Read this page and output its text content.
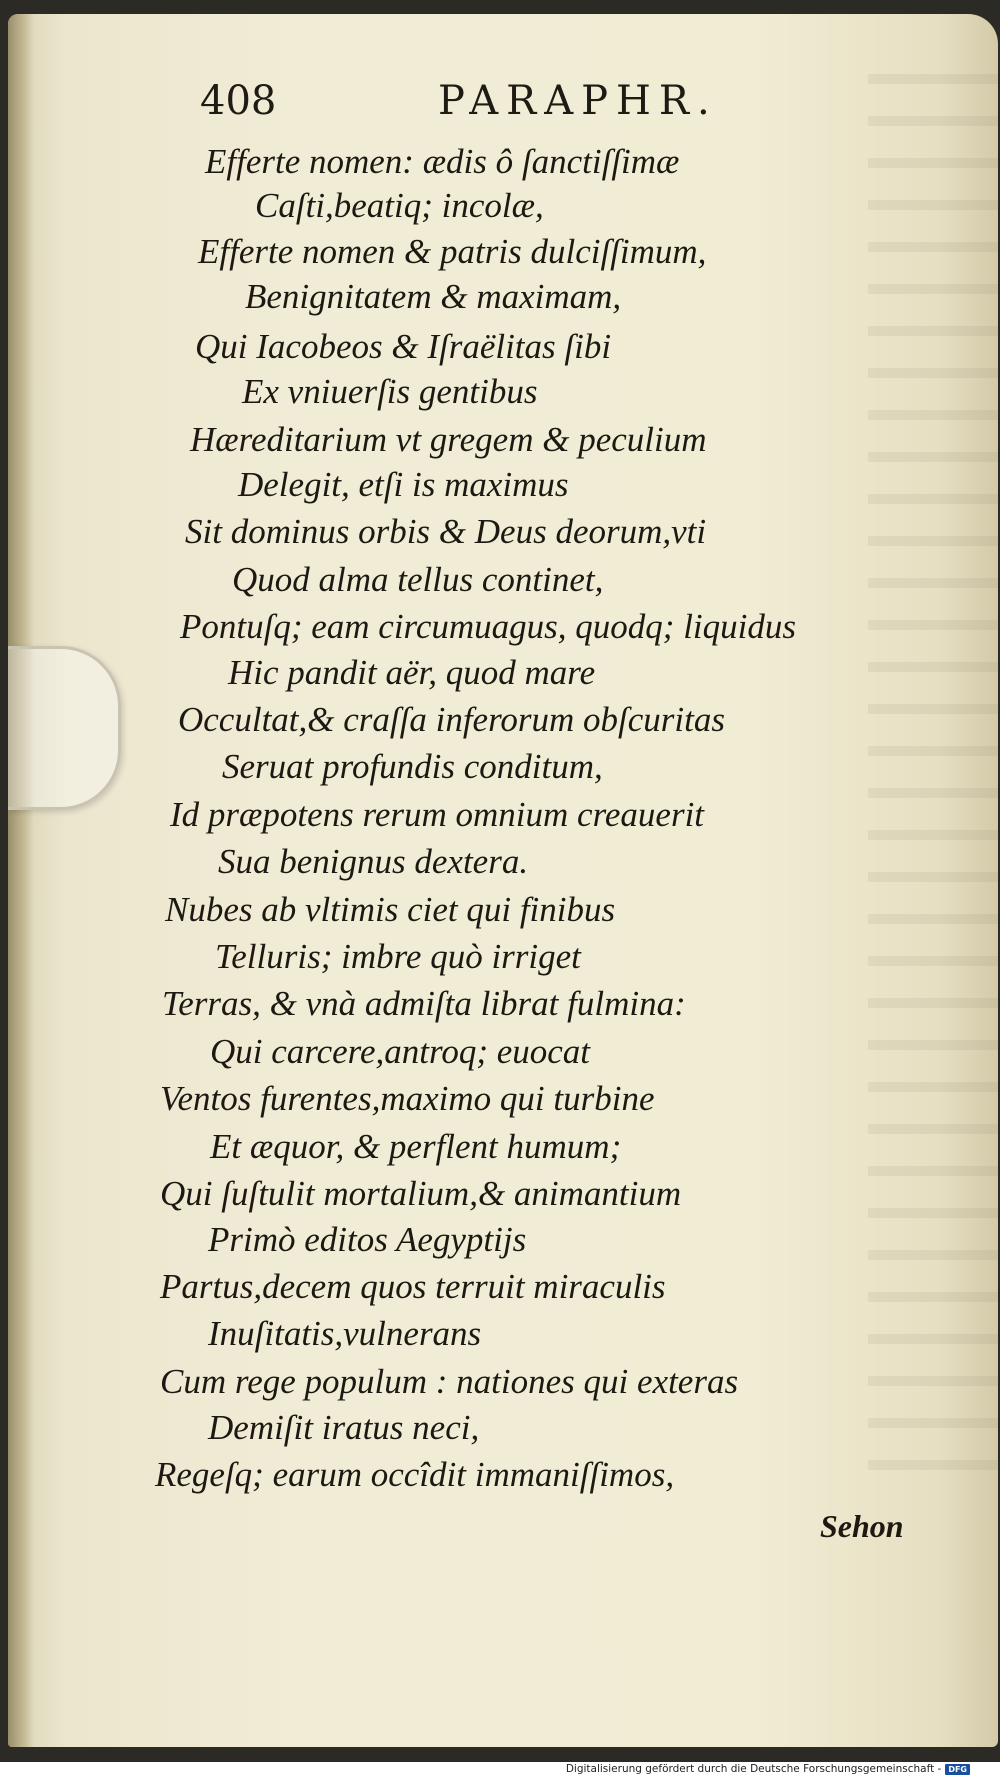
408	PARAPHR.
Efferte nomen: ædis ô ſanctiſſimæ
Caſti,beatiq; incolæ,
Efferte nomen & patris dulciſſimum,
Benignitatem & maximam,
Qui Iacobeos & Iſraëlitas ſibi
Ex vniuerſis gentibus
Hæreditarium vt gregem & peculium
Delegit, etſi is maximus
Sit dominus orbis & Deus deorum,vti
Quod alma tellus continet,
Pontuſq; eam circumuagus, quodq; liquidus
Hic pandit aër, quod mare
Occultat,& craſſa inferorum obſcuritas
Seruat profundis conditum,
Id præpotens rerum omnium creauerit
Sua benignus dextera.
Nubes ab vltimis ciet qui finibus
Telluris; imbre quò irriget
Terras, & vnà admiſta librat fulmina:
Qui carcere,antroq; euocat
Ventos furentes,maximo qui turbine
Et æquor, & perflent humum;
Qui ſuſtulit mortalium,& animantium
Primò editos Aegyptijs
Partus,decem quos terruit miraculis
Inuſitatis,vulnerans
Cum rege populum : nationes qui exteras
Demiſit iratus neci,
Regeſq; earum occîdit immaniſſimos,
Sehon
Digitalisierung gefördert durch die Deutsche Forschungsgemeinschaft - DFG
